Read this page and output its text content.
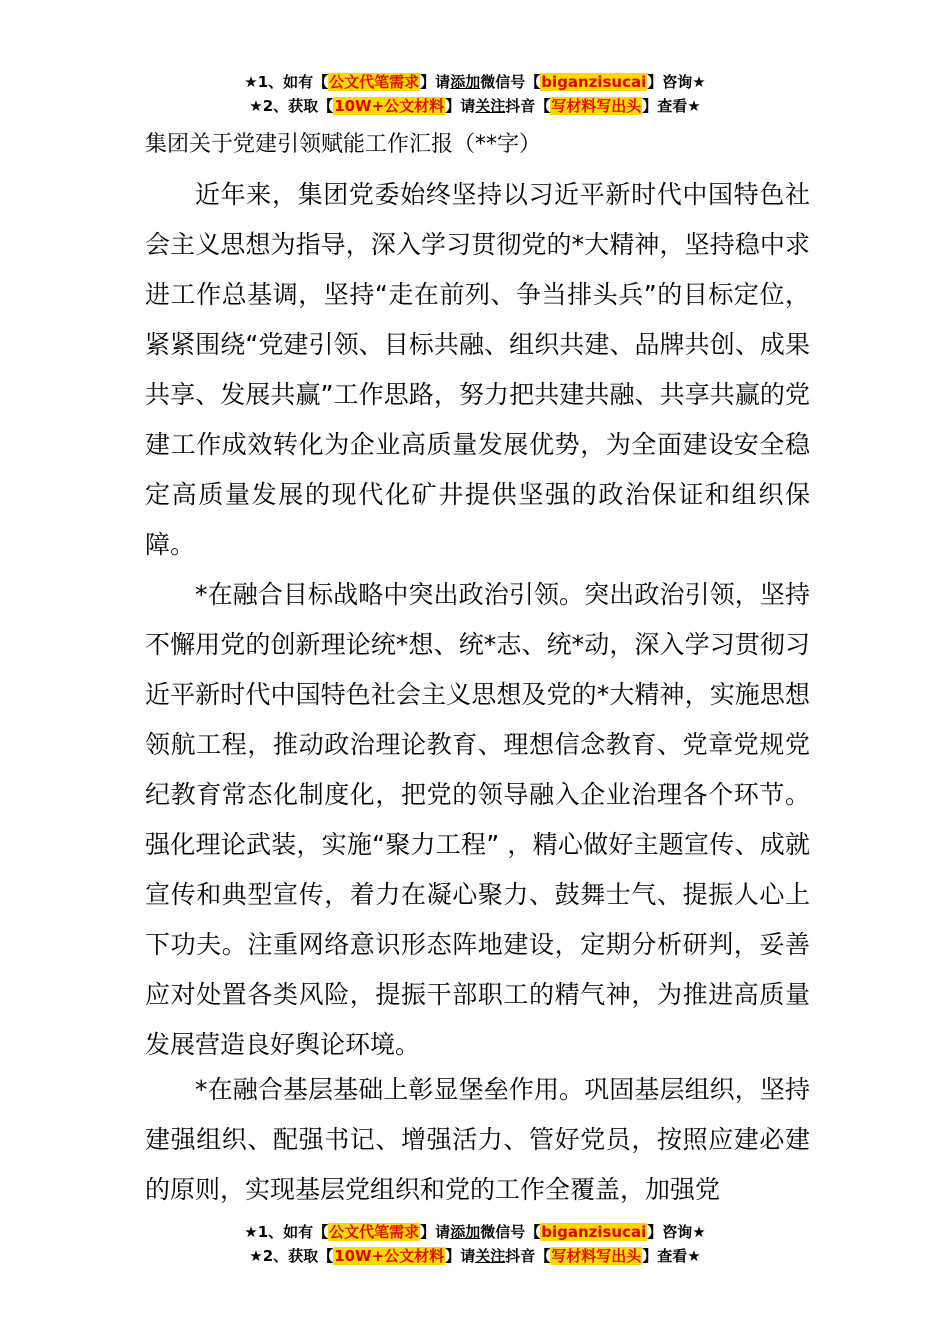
★1、如有【公文代笔需求】请添加微信号【biganzisucai】咨询★
★2、获取【10W+公文材料】请关注抖音【写材料写出头】查看★
集团关于党建引领赋能工作汇报（**字）

近年来，集团党委始终坚持以习近平新时代中国特色社会主义思想为指导，深入学习贯彻党的*大精神，坚持稳中求进工作总基调，坚持“走在前列、争当排头兵”的目标定位，紧紧围绕“党建引领、目标共融、组织共建、品牌共创、成果共享、发展共赢”工作思路，努力把共建共融、共享共赢的党建工作成效转化为企业高质量发展优势，为全面建设安全稳定高质量发展的现代化矿井提供坚强的政治保证和组织保障。

*在融合目标战略中突出政治引领。突出政治引领，坚持不懈用党的创新理论统*想、统*志、统*动，深入学习贯彻习近平新时代中国特色社会主义思想及党的*大精神，实施思想领航工程，推动政治理论教育、理想信念教育、党章党规党纪教育常态化制度化，把党的领导融入企业治理各个环节。强化理论武装，实施“聚力工程” ，精心做好主题宣传、成就宣传和典型宣传，着力在凝心聚力、鼓舞士气、提振人心上下功夫。注重网络意识形态阵地建设，定期分析研判，妥善应对处置各类风险，提振干部职工的精气神，为推进高质量发展营造良好舆论环境。

*在融合基层基础上彰显堡垒作用。巩固基层组织，坚持建强组织、配强书记、增强活力、管好党员，按照应建必建的原则，实现基层党组织和党的工作全覆盖，加强党

★1、如有【公文代笔需求】请添加微信号【biganzisucai】咨询★
★2、获取【10W+公文材料】请关注抖音【写材料写出头】查看★
